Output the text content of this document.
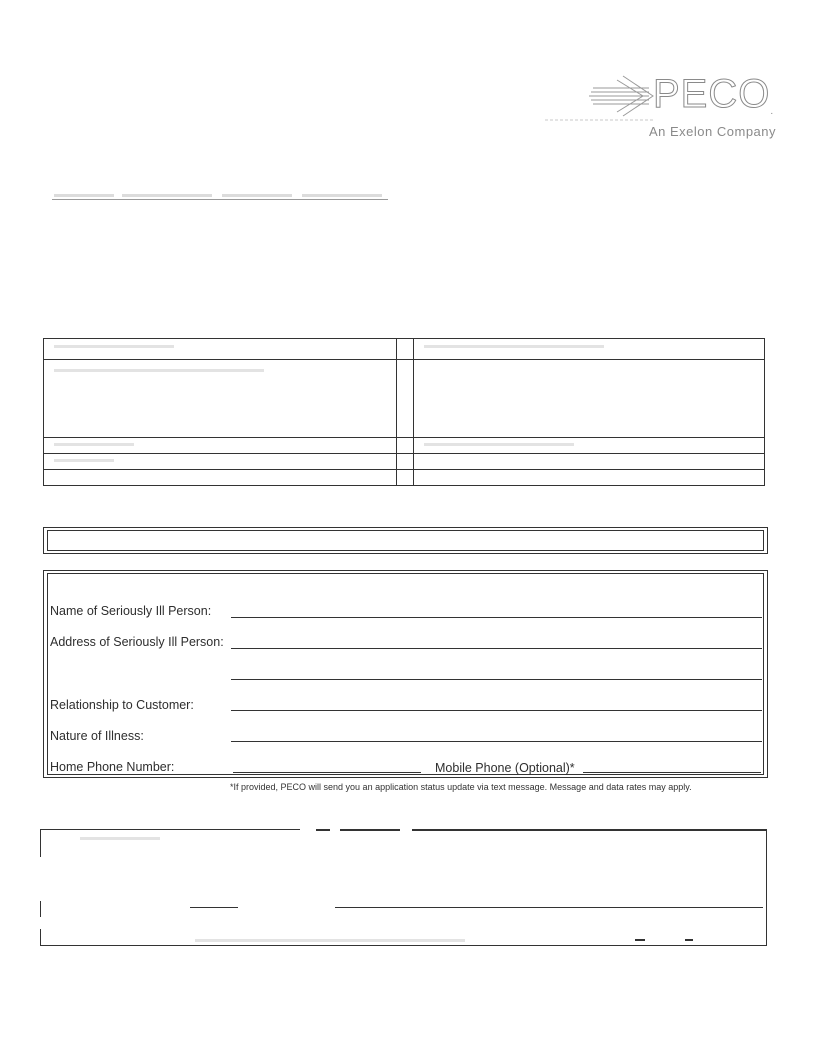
PECO.
An Exelon Company
Name of Seriously Ill Person:
Address of Seriously Ill Person:
Relationship to Customer:
Nature of Illness:
Home Phone Number:	Mobile Phone (Optional)*
*If provided, PECO will send you an application status update via text message. Message and data rates may apply.
